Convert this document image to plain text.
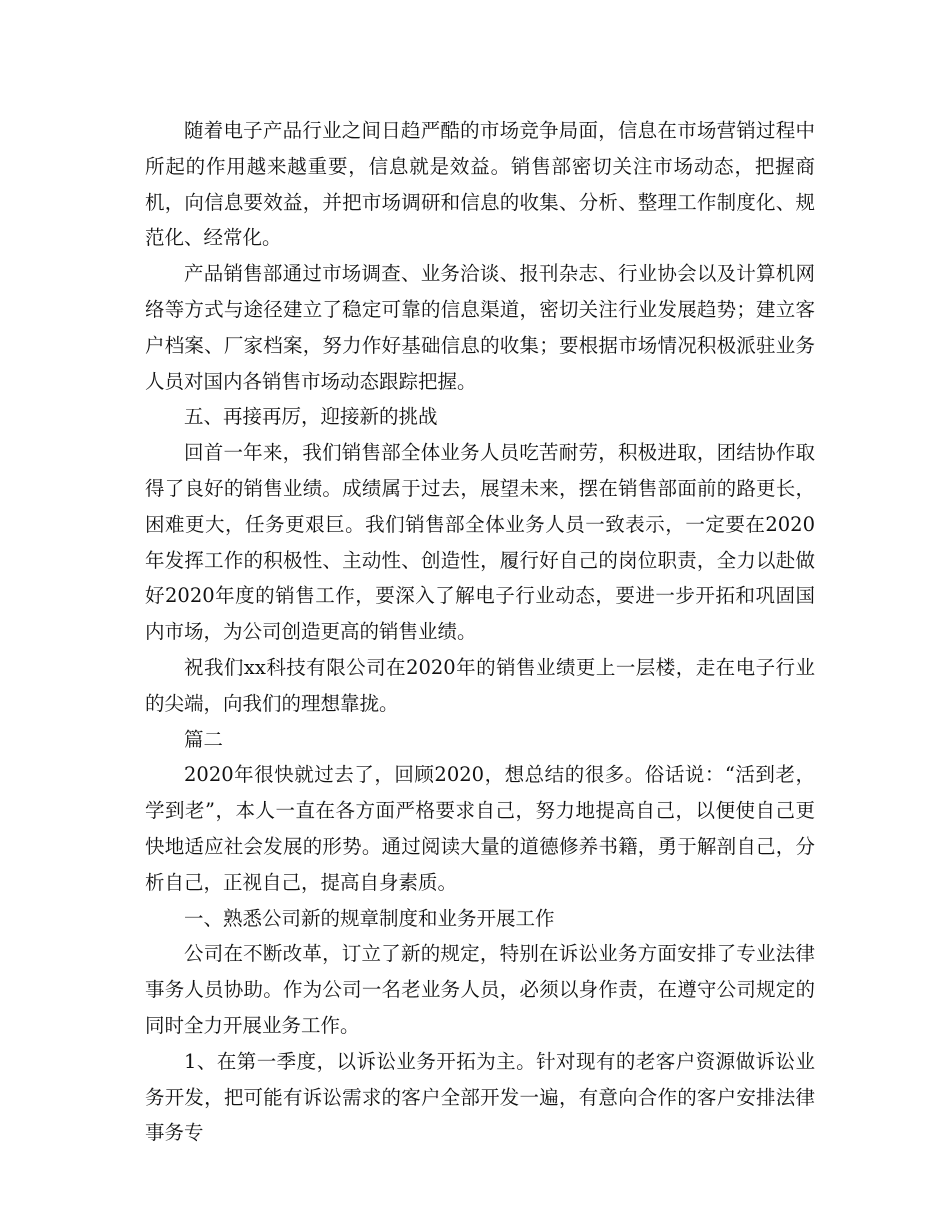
随着电子产品行业之间日趋严酷的市场竞争局面，信息在市场营销过程中所起的作用越来越重要，信息就是效益。销售部密切关注市场动态，把握商机，向信息要效益，并把市场调研和信息的收集、分析、整理工作制度化、规范化、经常化。

产品销售部通过市场调查、业务洽谈、报刊杂志、行业协会以及计算机网络等方式与途径建立了稳定可靠的信息渠道，密切关注行业发展趋势；建立客户档案、厂家档案，努力作好基础信息的收集；要根据市场情况积极派驻业务人员对国内各销售市场动态跟踪把握。

五、再接再厉，迎接新的挑战

回首一年来，我们销售部全体业务人员吃苦耐劳，积极进取，团结协作取得了良好的销售业绩。成绩属于过去，展望未来，摆在销售部面前的路更长，困难更大，任务更艰巨。我们销售部全体业务人员一致表示，一定要在2020年发挥工作的积极性、主动性、创造性，履行好自己的岗位职责，全力以赴做好2020年度的销售工作，要深入了解电子行业动态，要进一步开拓和巩固国内市场，为公司创造更高的销售业绩。

祝我们xx科技有限公司在2020年的销售业绩更上一层楼，走在电子行业的尖端，向我们的理想靠拢。

篇二

2020年很快就过去了，回顾2020，想总结的很多。俗话说：“活到老，学到老”，本人一直在各方面严格要求自己，努力地提高自己，以便使自己更快地适应社会发展的形势。通过阅读大量的道德修养书籍，勇于解剖自己，分析自己，正视自己，提高自身素质。

一、熟悉公司新的规章制度和业务开展工作

公司在不断改革，订立了新的规定，特别在诉讼业务方面安排了专业法律事务人员协助。作为公司一名老业务人员，必须以身作责，在遵守公司规定的同时全力开展业务工作。

1、在第一季度，以诉讼业务开拓为主。针对现有的老客户资源做诉讼业务开发，把可能有诉讼需求的客户全部开发一遍，有意向合作的客户安排法律事务专
